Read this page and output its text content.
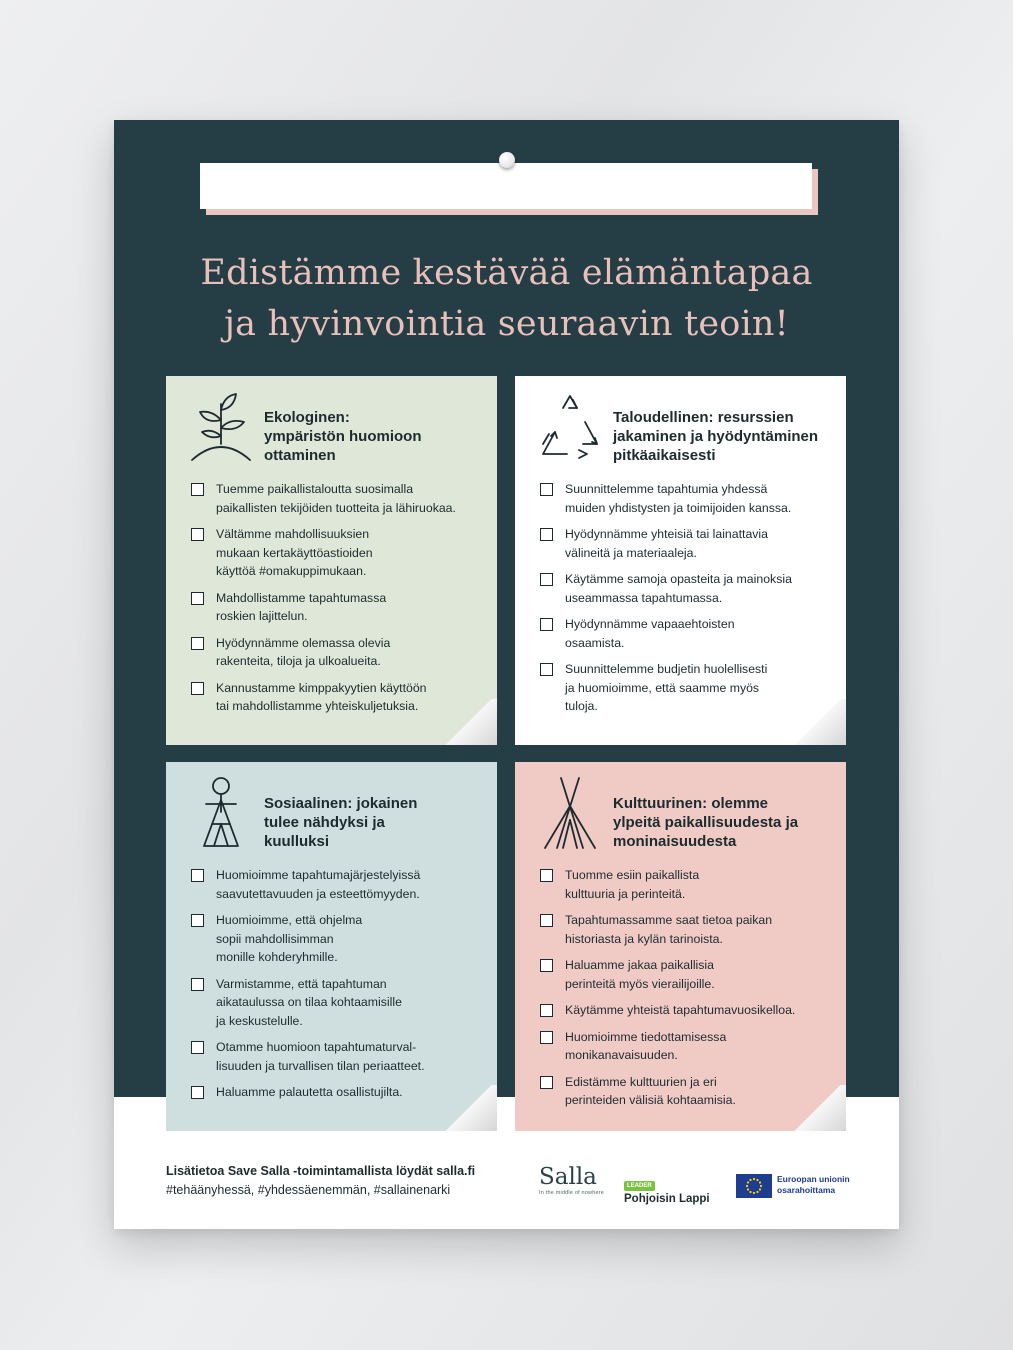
Edistämme kestävää elämäntapaa
ja hyvinvointia seuraavin teoin!
Ekologinen:
ympäristön huomioon
ottaminen
Tuemme paikallistaloutta suosimalla
paikallisten tekijöiden tuotteita ja lähiruokaa.
Vältämme mahdollisuuksien
mukaan kertakäyttöastioiden
käyttöä #omakuppimukaan.
Mahdollistamme tapahtumassa
roskien lajittelun.
Hyödynnämme olemassa olevia
rakenteita, tiloja ja ulkoalueita.
Kannustamme kimppakyytien käyttöön
tai mahdollistamme yhteiskuljetuksia.
Taloudellinen: resurssien
jakaminen ja hyödyntäminen
pitkäaikaisesti
Suunnittelemme tapahtumia yhdessä
muiden yhdistysten ja toimijoiden kanssa.
Hyödynnämme yhteisiä tai lainattavia
välineitä ja materiaaleja.
Käytämme samoja opasteita ja mainoksia
useammassa tapahtumassa.
Hyödynnämme vapaaehtoisten
osaamista.
Suunnittelemme budjetin huolellisesti
ja huomioimme, että saamme myös
tuloja.
Sosiaalinen: jokainen
tulee nähdyksi ja
kuulluksi
Huomioimme tapahtumajärjestelyissä
saavutettavuuden ja esteettömyyden.
Huomioimme, että ohjelma
sopii mahdollisimman
monille kohderyhmille.
Varmistamme, että tapahtuman
aikataulussa on tilaa kohtaamisille
ja keskustelulle.
Otamme huomioon tapahtumaturval-
lisuuden ja turvallisen tilan periaatteet.
Haluamme palautetta osallistujilta.
Kulttuurinen: olemme
ylpeitä paikallisuudesta ja
moninaisuudesta
Tuomme esiin paikallista
kulttuuria ja perinteitä.
Tapahtumassamme saat tietoa paikan
historiasta ja kylän tarinoista.
Haluamme jakaa paikallisia
perinteitä myös vierailijoille.
Käytämme yhteistä tapahtumavuosikelloa.
Huomioimme tiedottamisessa
monikanavaisuuden.
Edistämme kulttuurien ja eri
perinteiden välisiä kohtaamisia.
Lisätietoa Save Salla -toimintamallista löydät salla.fi
#tehäänyhessä, #yhdessäenemmän, #sallainenarki	Salla
In the middle of nowhere
LEADER
Pohjoisin Lappi
Euroopan unionin
osarahoittama
